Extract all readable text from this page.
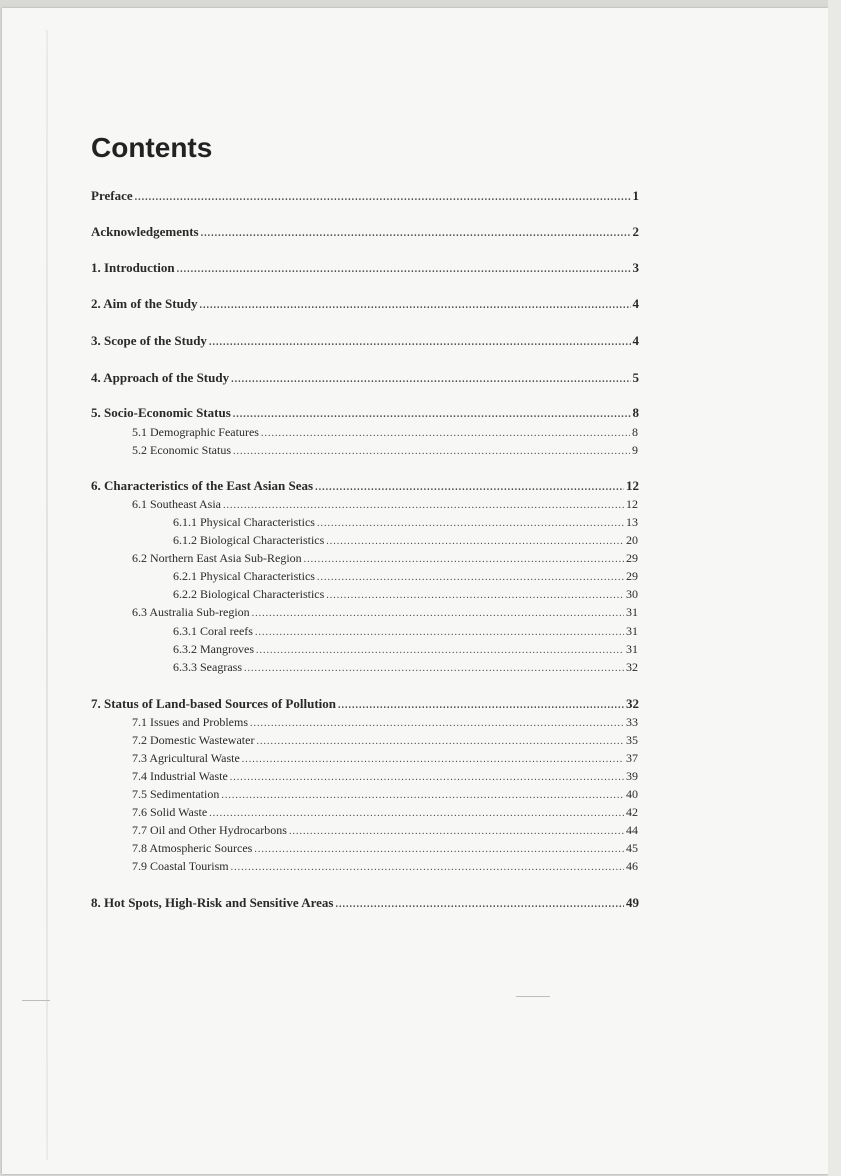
Contents
Preface .....	1
Acknowledgements .....	2
1. Introduction .....	3
2. Aim of the Study .....	4
3. Scope of the Study .....	4
4. Approach of the Study .....	5
5. Socio-Economic Status .....	8
5.1 Demographic Features .....	8
5.2 Economic Status .....	9
6. Characteristics of the East Asian Seas .....	12
6.1 Southeast Asia .....	12
6.1.1 Physical Characteristics .....	13
6.1.2 Biological Characteristics .....	20
6.2 Northern East Asia Sub-Region .....	29
6.2.1 Physical Characteristics .....	29
6.2.2 Biological Characteristics .....	30
6.3 Australia Sub-region .....	31
6.3.1 Coral reefs .....	31
6.3.2 Mangroves .....	31
6.3.3 Seagrass .....	32
7. Status of Land-based Sources of Pollution .....	32
7.1 Issues and Problems .....	33
7.2 Domestic Wastewater .....	35
7.3 Agricultural Waste .....	37
7.4 Industrial Waste .....	39
7.5 Sedimentation .....	40
7.6 Solid Waste .....	42
7.7 Oil and Other Hydrocarbons .....	44
7.8 Atmospheric Sources .....	45
7.9 Coastal Tourism .....	46
8. Hot Spots, High-Risk and Sensitive Areas .....	49
